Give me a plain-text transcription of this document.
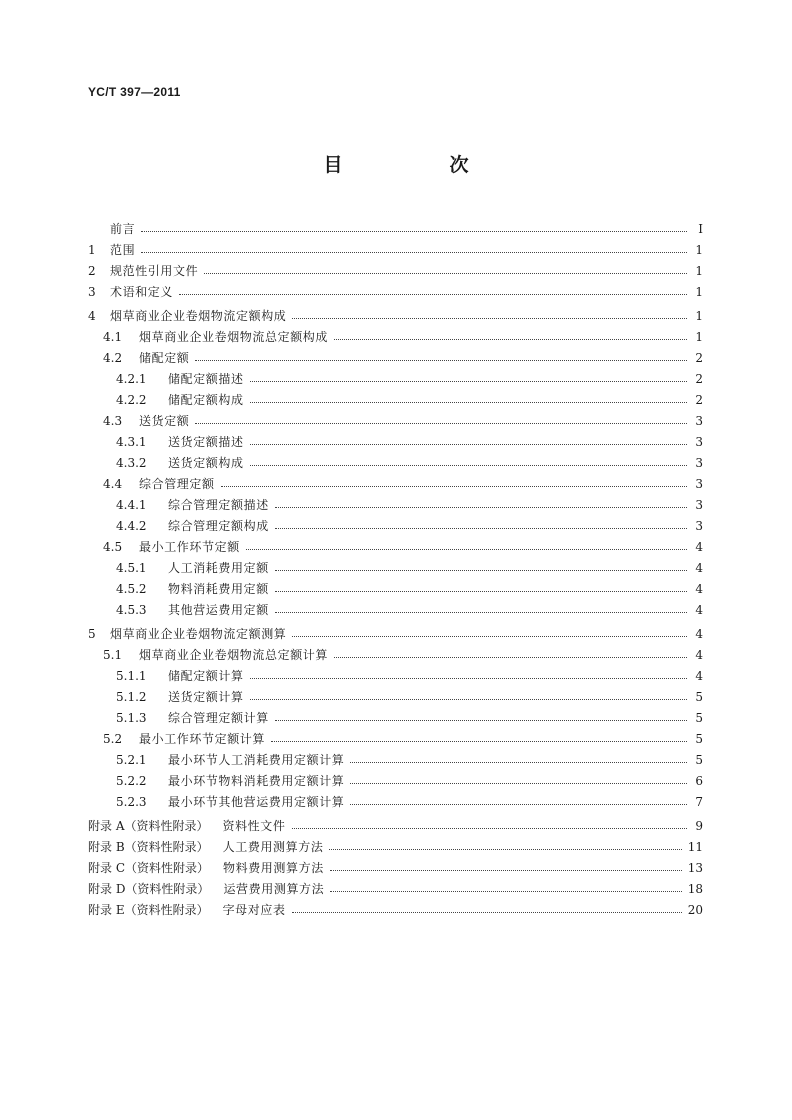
YC/T 397—2011
目　次
前言	I
1	范围	1
2	规范性引用文件	1
3	术语和定义	1
4	烟草商业企业卷烟物流定额构成	1
4.1	烟草商业企业卷烟物流总定额构成	1
4.2	储配定额	2
4.2.1	储配定额描述	2
4.2.2	储配定额构成	2
4.3	送货定额	3
4.3.1	送货定额描述	3
4.3.2	送货定额构成	3
4.4	综合管理定额	3
4.4.1	综合管理定额描述	3
4.4.2	综合管理定额构成	3
4.5	最小工作环节定额	4
4.5.1	人工消耗费用定额	4
4.5.2	物料消耗费用定额	4
4.5.3	其他营运费用定额	4
5	烟草商业企业卷烟物流定额测算	4
5.1	烟草商业企业卷烟物流总定额计算	4
5.1.1	储配定额计算	4
5.1.2	送货定额计算	5
5.1.3	综合管理定额计算	5
5.2	最小工作环节定额计算	5
5.2.1	最小环节人工消耗费用定额计算	5
5.2.2	最小环节物料消耗费用定额计算	6
5.2.3	最小环节其他营运费用定额计算	7
附录 A（资料性附录） 资料性文件	9
附录 B（资料性附录） 人工费用测算方法	11
附录 C（资料性附录） 物料费用测算方法	13
附录 D（资料性附录） 运营费用测算方法	18
附录 E（资料性附录） 字母对应表	20
